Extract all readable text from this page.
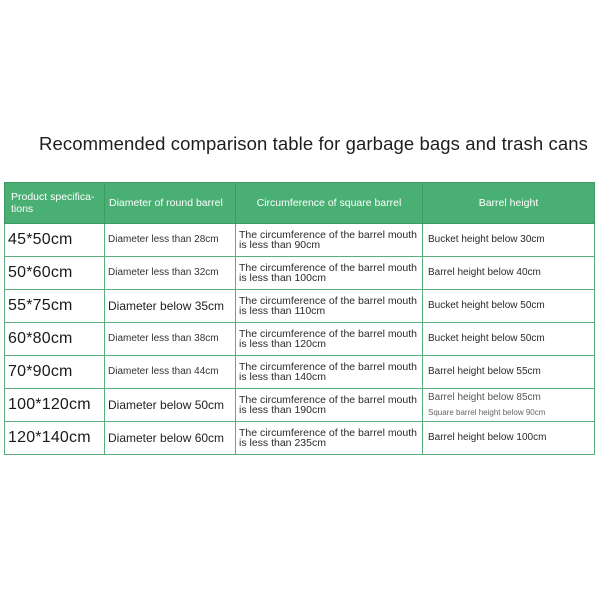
Recommended comparison table for garbage bags and trash cans
Product specifica-tions	Diameter of round barrel	Circumference of square barrel	Barrel height
45*50cm	Diameter less than 28cm	The circumference of the barrel mouth is less than 90cm	Bucket height below 30cm
50*60cm	Diameter less than 32cm	The circumference of the barrel mouth is less than 100cm	Barrel height below 40cm
55*75cm	Diameter below 35cm	The circumference of the barrel mouth is less than 110cm	Bucket height below 50cm
60*80cm	Diameter less than 38cm	The circumference of the barrel mouth is less than 120cm	Bucket height below 50cm
70*90cm	Diameter less than 44cm	The circumference of the barrel mouth is less than 140cm	Barrel height below 55cm
100*120cm	Diameter below 50cm	The circumference of the barrel mouth is less than 190cm	Barrel height below 85cm
Square barrel height below 90cm

120*140cm	Diameter below 60cm	The circumference of the barrel mouth is less than 235cm	Barrel height below 100cm
